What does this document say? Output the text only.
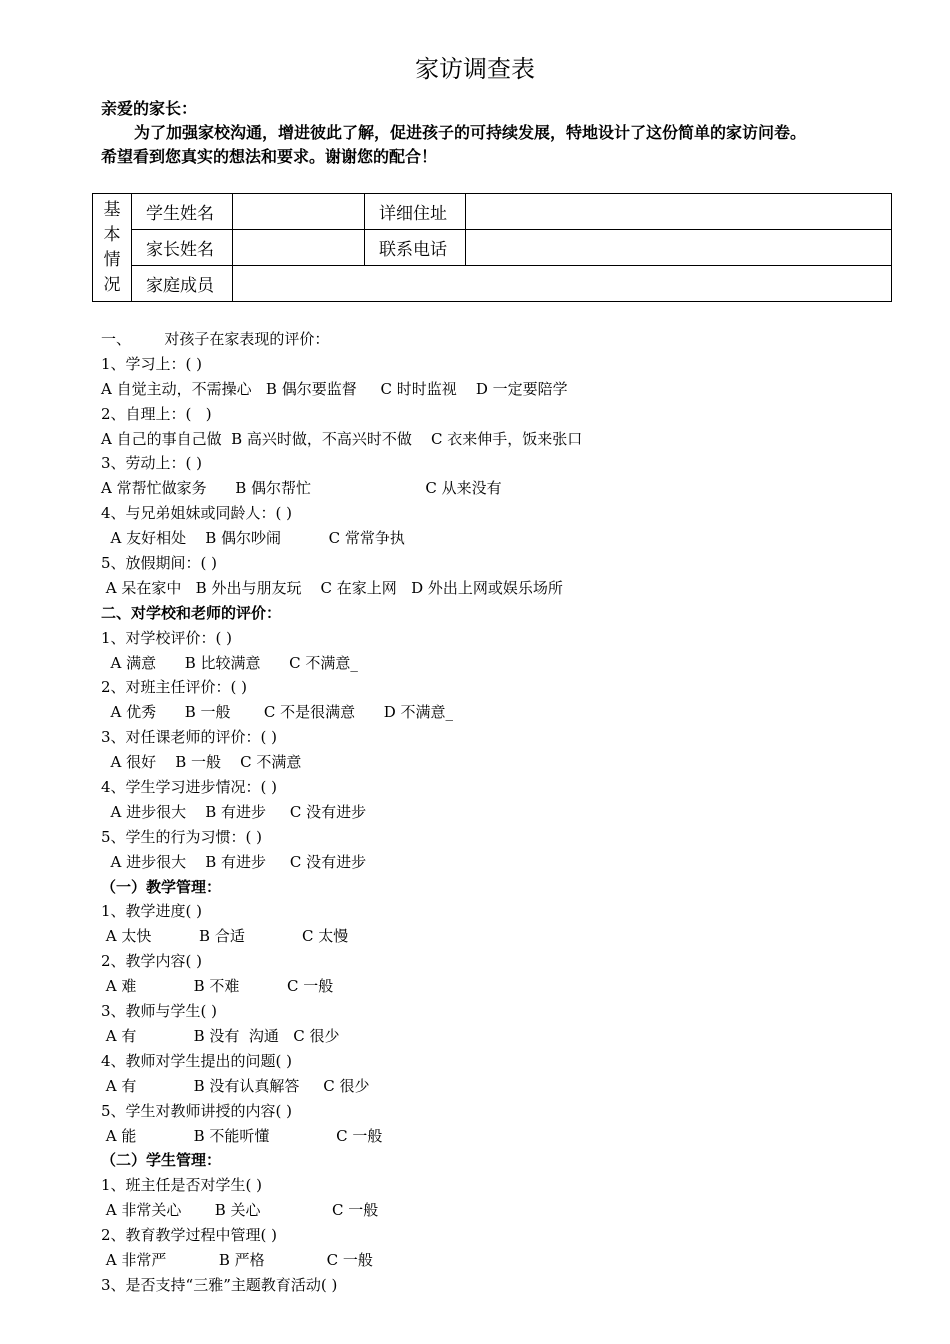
家访调查表
亲爱的家长：
为了加强家校沟通，增进彼此了解，促进孩子的可持续发展，特地设计了这份简单的家访问卷。
希望看到您真实的想法和要求。谢谢您的配合！
基
本
情
况	学生姓名		详细住址	
	家长姓名		联系电话	
	家庭成员			
一、       对孩子在家表现的评价：
1、学习上：( )
A 自觉主动，不需操心   B 偶尔要监督     C 时时监视    D 一定要陪学
2、自理上：(   )
A 自己的事自己做  B 高兴时做，不高兴时不做    C 衣来伸手，饭来张口
3、劳动上：( )
A 常帮忙做家务      B 偶尔帮忙                        C 从来没有
4、与兄弟姐妹或同龄人：( )
A 友好相处    B 偶尔吵闹          C 常常争执
5、放假期间：( )
A 呆在家中   B 外出与朋友玩    C 在家上网   D 外出上网或娱乐场所
二、对学校和老师的评价：
1、对学校评价：( )
A 满意      B 比较满意      C 不满意_
2、对班主任评价：( )
A 优秀      B 一般       C 不是很满意      D 不满意_
3、对任课老师的评价：( )
A 很好    B 一般    C 不满意
4、学生学习进步情况：( )
A 进步很大    B 有进步     C 没有进步
5、学生的行为习惯：( )
A 进步很大    B 有进步     C 没有进步
（一）教学管理：
1、教学进度( )
A 太快          B 合适            C 太慢
2、教学内容( )
A 难            B 不难          C 一般
3、教师与学生( )
A 有            B 没有  沟通   C 很少
4、教师对学生提出的问题( )
A 有            B 没有认真解答     C 很少
5、学生对教师讲授的内容( )
A 能            B 不能听懂              C 一般
（二）学生管理：
1、班主任是否对学生( )
A 非常关心       B 关心               C 一般
2、教育教学过程中管理( )
A 非常严           B 严格             C 一般
3、是否支持“三雅”主题教育活动( )
